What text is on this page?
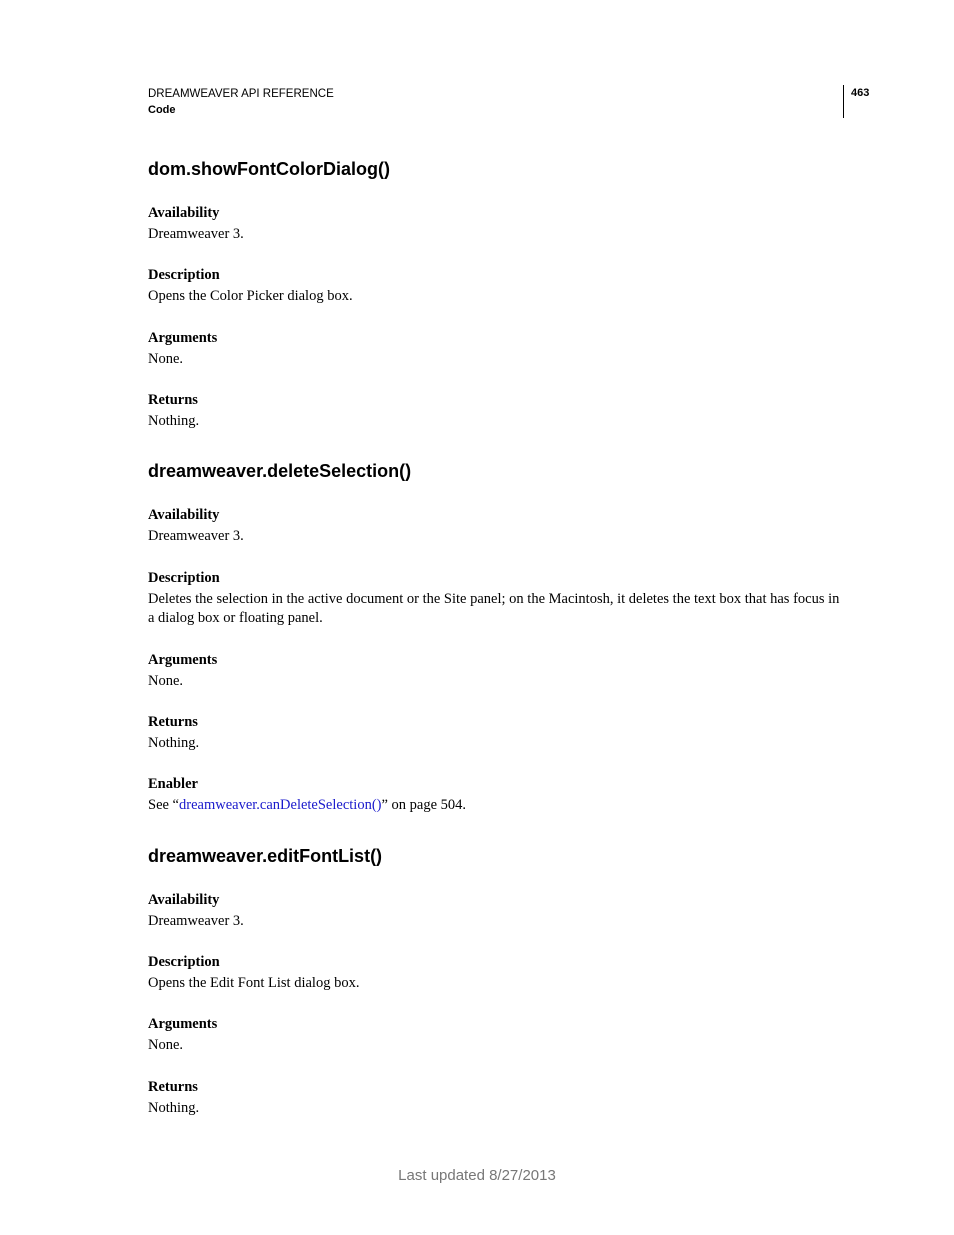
DREAMWEAVER API REFERENCE
Code
463
dom.showFontColorDialog()
Availability
Dreamweaver 3.
Description
Opens the Color Picker dialog box.
Arguments
None.
Returns
Nothing.
dreamweaver.deleteSelection()
Availability
Dreamweaver 3.
Description
Deletes the selection in the active document or the Site panel; on the Macintosh, it deletes the text box that has focus in a dialog box or floating panel.
Arguments
None.
Returns
Nothing.
Enabler
See “dreamweaver.canDeleteSelection()” on page 504.
dreamweaver.editFontList()
Availability
Dreamweaver 3.
Description
Opens the Edit Font List dialog box.
Arguments
None.
Returns
Nothing.
Last updated 8/27/2013
